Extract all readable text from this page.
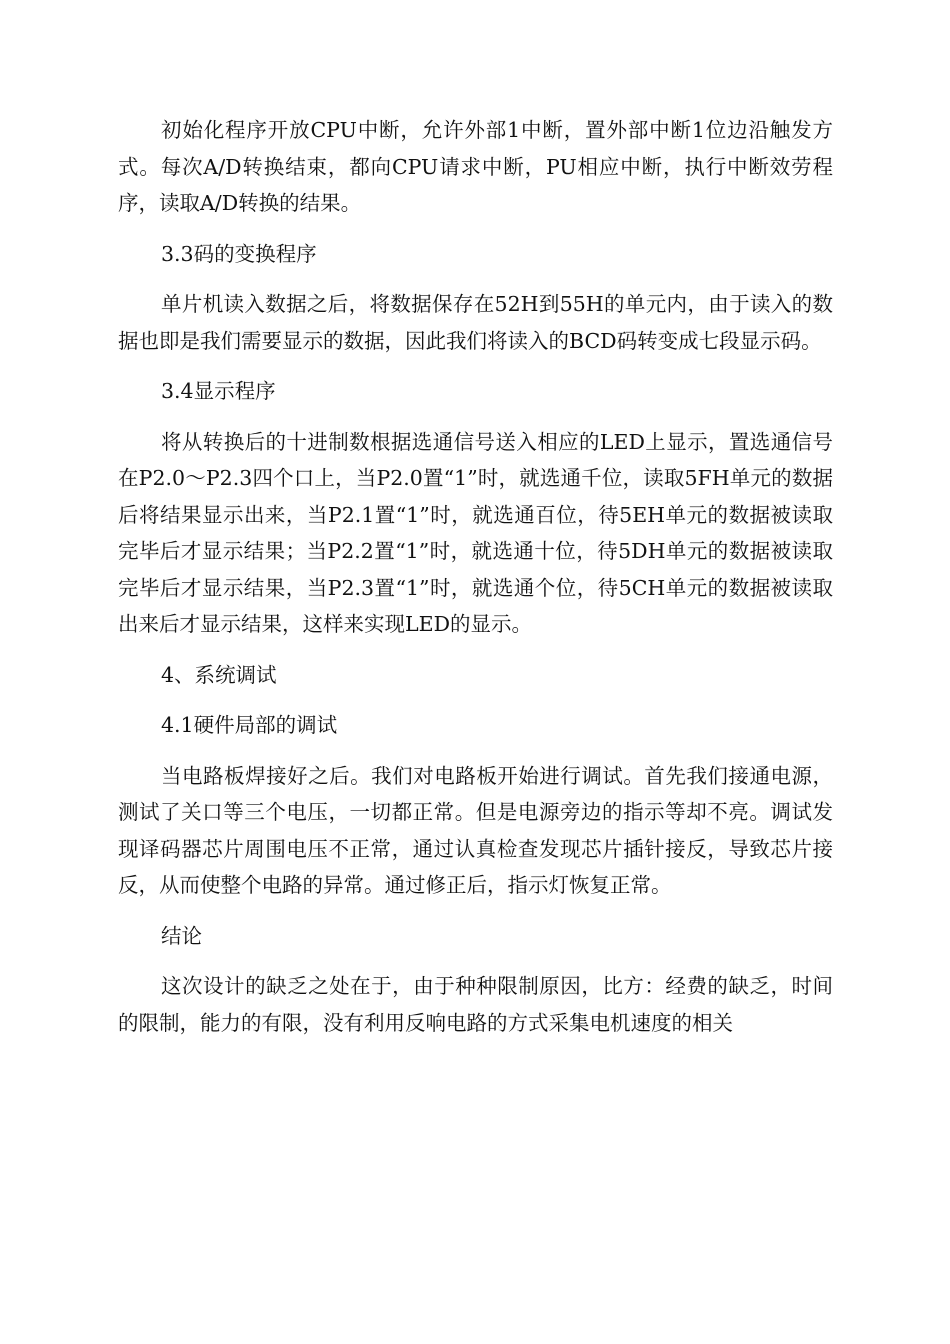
初始化程序开放CPU中断，允许外部1中断，置外部中断1位边沿触发方式。每次A/D转换结束，都向CPU请求中断，PU相应中断，执行中断效劳程序，读取A/D转换的结果。

3.3码的变换程序

单片机读入数据之后，将数据保存在52H到55H的单元内，由于读入的数据也即是我们需要显示的数据，因此我们将读入的BCD码转变成七段显示码。

3.4显示程序

将从转换后的十进制数根据选通信号送入相应的LED上显示，置选通信号在P2.0～P2.3四个口上，当P2.0置“1”时，就选通千位，读取5FH单元的数据后将结果显示出来，当P2.1置“1”时，就选通百位，待5EH单元的数据被读取完毕后才显示结果；当P2.2置“1”时，就选通十位，待5DH单元的数据被读取完毕后才显示结果，当P2.3置“1”时，就选通个位，待5CH单元的数据被读取出来后才显示结果，这样来实现LED的显示。

4、系统调试

4.1硬件局部的调试

当电路板焊接好之后。我们对电路板开始进行调试。首先我们接通电源，测试了关口等三个电压，一切都正常。但是电源旁边的指示等却不亮。调试发现译码器芯片周围电压不正常，通过认真检查发现芯片插针接反，导致芯片接反，从而使整个电路的异常。通过修正后，指示灯恢复正常。

结论

这次设计的缺乏之处在于，由于种种限制原因，比方：经费的缺乏，时间的限制，能力的有限，没有利用反响电路的方式采集电机速度的相关
